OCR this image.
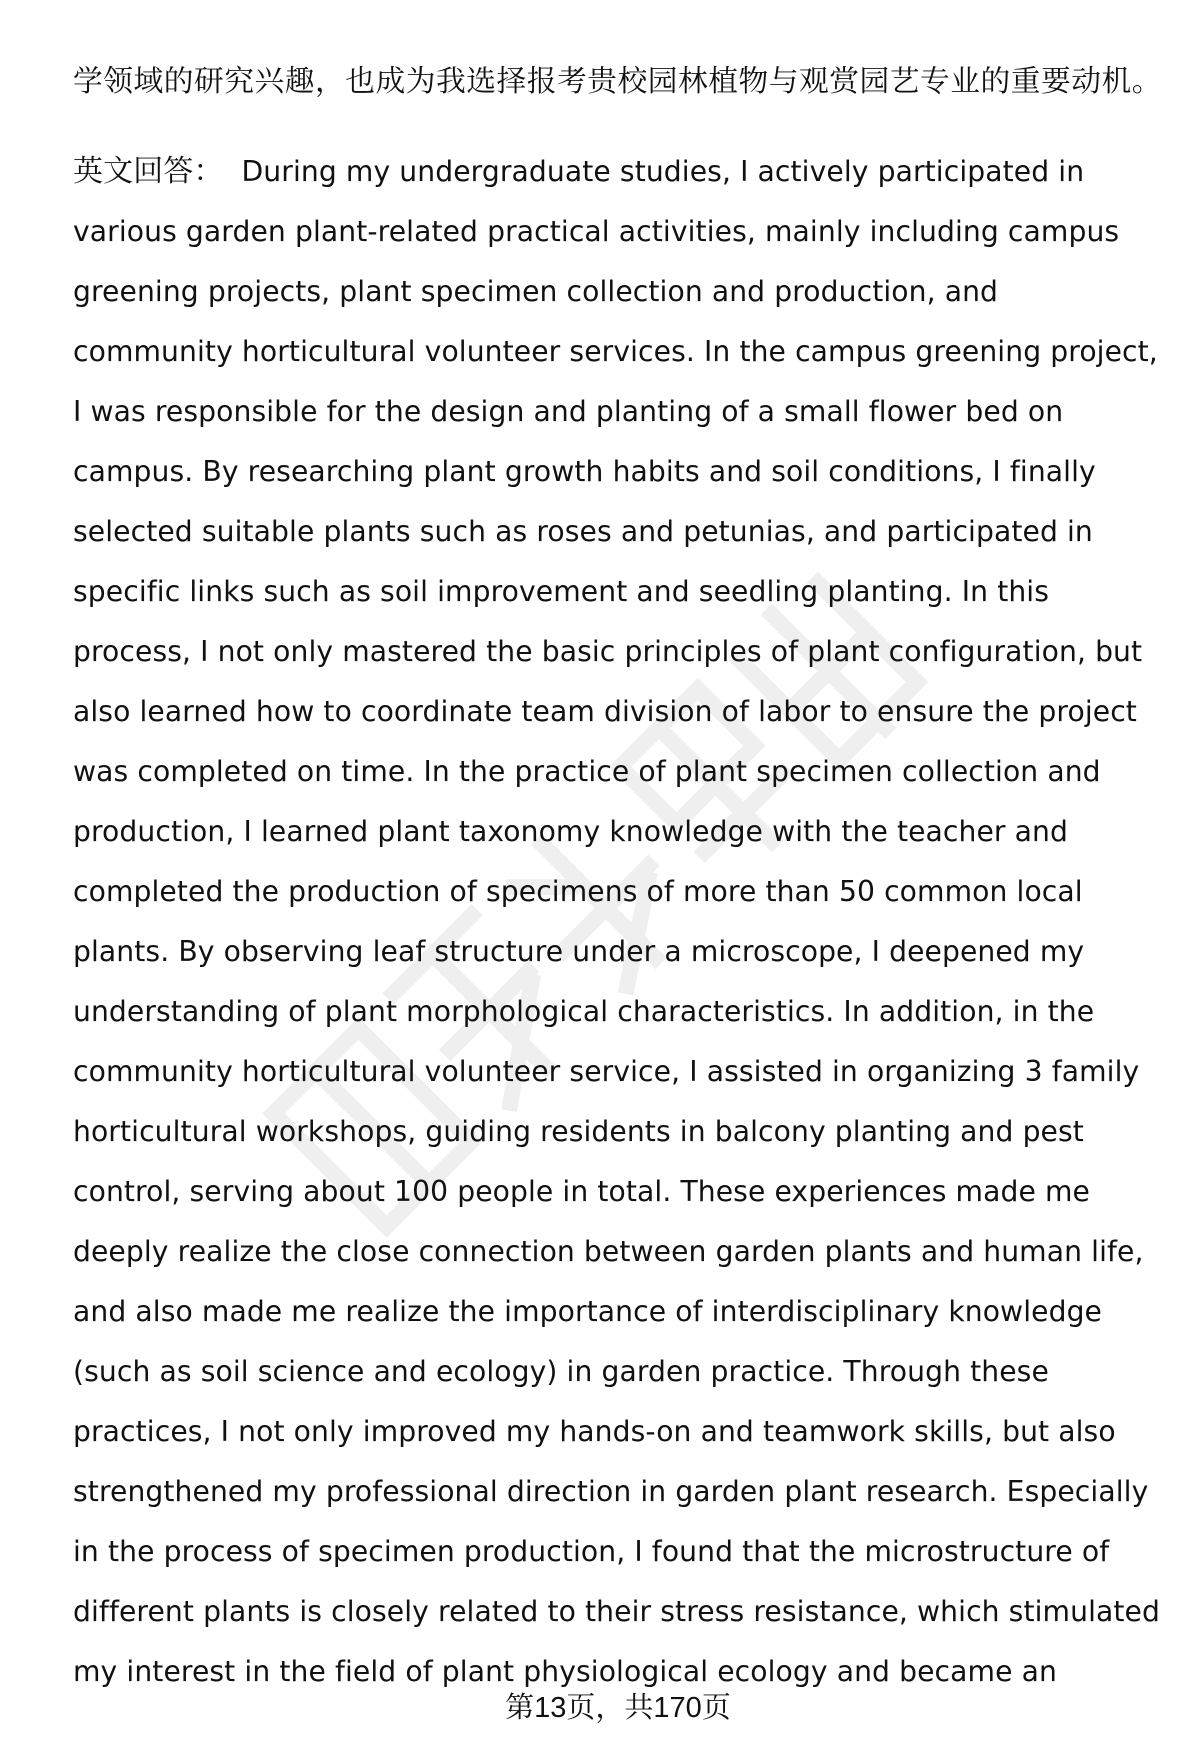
学领域的研究兴趣，也成为我选择报考贵校园林植物与观赏园艺专业的重要动机。
英文回答： During my undergraduate studies, I actively participated in
various garden plant-related practical activities, mainly including campus
greening projects, plant specimen collection and production, and
community horticultural volunteer services. In the campus greening project,
I was responsible for the design and planting of a small flower bed on
campus. By researching plant growth habits and soil conditions, I finally
selected suitable plants such as roses and petunias, and participated in
specific links such as soil improvement and seedling planting. In this
process, I not only mastered the basic principles of plant configuration, but
also learned how to coordinate team division of labor to ensure the project
was completed on time. In the practice of plant specimen collection and
production, I learned plant taxonomy knowledge with the teacher and
completed the production of specimens of more than 50 common local
plants. By observing leaf structure under a microscope, I deepened my
understanding of plant morphological characteristics. In addition, in the
community horticultural volunteer service, I assisted in organizing 3 family
horticultural workshops, guiding residents in balcony planting and pest
control, serving about 100 people in total. These experiences made me
deeply realize the close connection between garden plants and human life,
and also made me realize the importance of interdisciplinary knowledge
(such as soil science and ecology) in garden practice. Through these
practices, I not only improved my hands-on and teamwork skills, but also
strengthened my professional direction in garden plant research. Especially
in the process of specimen production, I found that the microstructure of
different plants is closely related to their stress resistance, which stimulated
my interest in the field of plant physiological ecology and became an
第13页，共170页
